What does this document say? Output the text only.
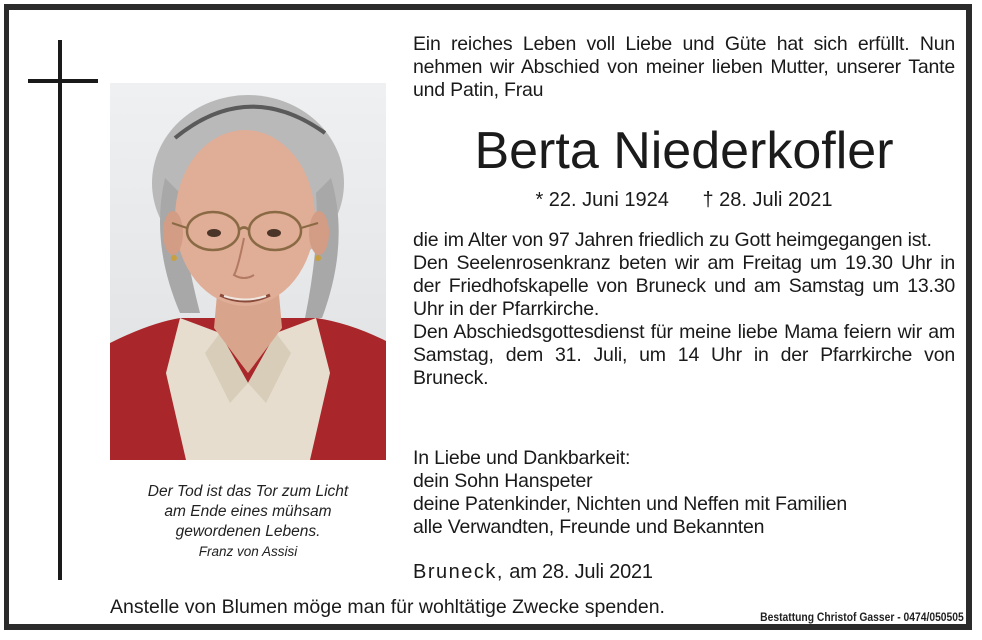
Der Tod ist das Tor zum Licht
am Ende eines mühsam
gewordenen Lebens.
Franz von Assisi
Ein reiches Leben voll Liebe und Güte hat sich erfüllt. Nun nehmen wir Abschied von meiner lieben Mutter, unserer Tante und Patin, Frau
Berta Niederkofler
* 22. Juni 1924 † 28. Juli 2021

die im Alter von 97 Jahren friedlich zu Gott heimgegangen ist.

Den Seelenrosenkranz beten wir am Freitag um 19.30 Uhr in der Friedhofskapelle von Bruneck und am Samstag um 13.30 Uhr in der Pfarrkirche.

Den Abschiedsgottesdienst für meine liebe Mama feiern wir am Samstag, dem 31. Juli, um 14 Uhr in der Pfarrkirche von Bruneck.

In Liebe und Dankbarkeit:
dein Sohn Hanspeter
deine Patenkinder, Nichten und Neffen mit Familien
alle Verwandten, Freunde und Bekannten
Bruneck, am 28. Juli 2021
Anstelle von Blumen möge man für wohltätige Zwecke spenden.	Bestattung Christof Gasser - 0474/050505
